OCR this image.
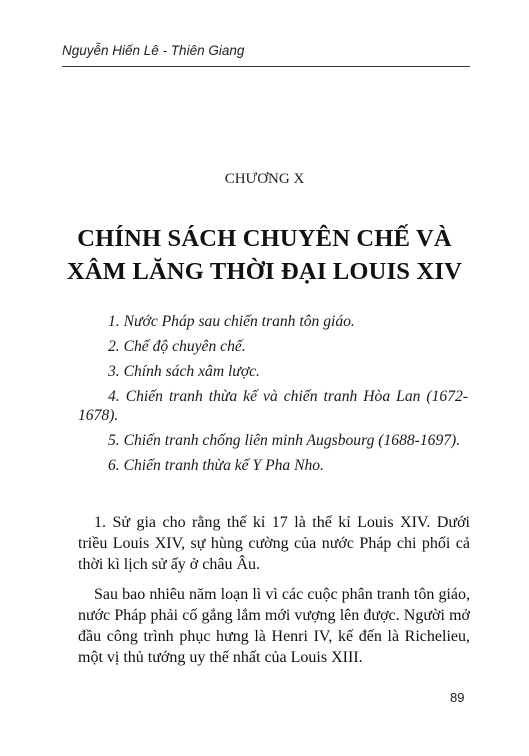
Nguyễn Hiến Lê - Thiên Giang
CHƯƠNG X
CHÍNH SÁCH CHUYÊN CHẾ VÀ
XÂM LĂNG THỜI ĐẠI LOUIS XIV

1. Nước Pháp sau chiến tranh tôn giáo.

2. Chế độ chuyên chế.

3. Chính sách xâm lược.

4. Chiến tranh thừa kế và chiến tranh Hòa Lan (1672-1678).

5. Chiến tranh chống liên minh Augsbourg (1688-1697).

6. Chiến tranh thừa kế Y Pha Nho.

1. Sử gia cho rằng thế kỉ 17 là thế kỉ Louis XIV. Dưới triều Louis XIV, sự hùng cường của nước Pháp chi phối cả thời kì lịch sử ấy ở châu Âu.

Sau bao nhiêu năm loạn lì vì các cuộc phân tranh tôn giáo, nước Pháp phải cố gắng lắm mới vượng lên được. Người mở đầu công trình phục hưng là Henri IV, kế đến là Richelieu, một vị thủ tướng uy thế nhất của Louis XIII.

89
